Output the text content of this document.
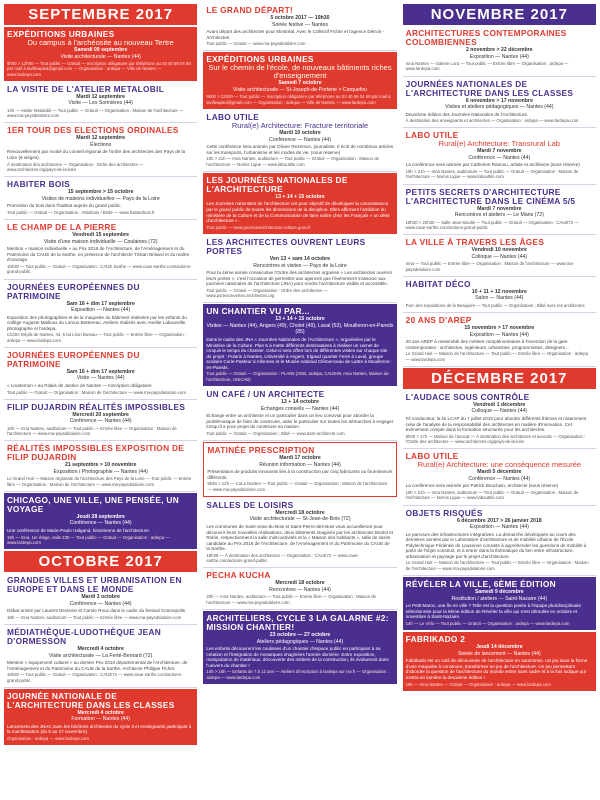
SEPTEMBRE 2017
EXPÉDITIONS URBAINES
Du campus à l'archéosite au nouveau Tertre
Samedi 09 septembre
Visite architecturale — Nantes (44)
9h00 > 12h00 — Tout public — Gratuit — Inscription obligatoire par téléphone au 02 40 59 04 59 par mail à lavilleapied@gmail.com — Organisation : ardepa — Ville de Nantes — www.lardepa.com
LA VISITE DE L'ATELIER METALOBIL
Mardi 12 septembre
Visite — Les Sorinières (44)
14h — Atelier Metalobil — Tout public — Gratuit — Organisation : Maison de l'architecture — www.ma-paysdelaloire.com
1ER TOUR DES ELECTIONS ORDINALES
Mardi 12 septembre
Élections
Renouvellement par moitié du conseil régional de l'ordre des architectes des Pays de la Loire (9 sièges).
À destination des architectes — Organisation : Ordre des architectes — www.architectes.org/pays-de-la-loire
HABITER BOIS
15 septembre > 15 octobre
Visites de maisons individuelles — Pays de la Loire
Promotion du bois dans l'habitat auprès du grand public.
Tout public — Gratuit — Organisation : Atlanbois / Bédé — www.habiterbois.fr
LE CHAMP DE LA PIERRE
Vendredi 15 septembre
Visite d'une maison individuelle — Coulaines (72)
Mention « maison individuelle » au Prix 2016 de l'Architecture, de l'Aménagement et du Patrimoine du CAUE de la Sarthe, en présence de l'architecte Tristan Brisard et du maître d'ouvrage.
18h30 — Tout public — Gratuit — Organisation : CAUE Sarthe — www.caue-sarthe.com/actions-grand-public
JOURNÉES EUROPÉENNES DU PATRIMOINE
Sam 16 + dim 17 septembre
Exposition — Nantes (44)
Exposition des photographies et de la maquette du bâtiment réalisées par les enfants du collège Auguste Mailloux du Loroux-Bottereau. Ateliers réalisés avec Amélie Laboureille, photographe et l'ardepa.
Cloître Dépôt de Nantes, 44, 5 bd Léon Bureau — Tout public — Entrée libre — Organisation : ardepa — www.lardepa.com
JOURNÉES EUROPÉENNES DU PATRIMOINE
Sam 16 + dim 17 septembre
Visite — Nantes (44)
« Loutremon » au Palais de Justice de Nantes — Inscription obligatoire
Tout public — Gratuit — Organisation : Maison de l'architecture — www.ma-paysdelaloire.com
FILIP DUJARDIN RÉALITÉS IMPOSSIBLES
Mercredi 20 septembre
Conférence — Nantes (44)
18h — mna Nantes, auditorium — Tout public — Entrée libre — Organisation : Maison de l'architecture — www.ma-paysdelaloire.com
RÉALITÉS IMPOSSIBLES EXPOSITION DE FILIP DUJARDIN
21 septembre > 10 novembre
Exposition / Photographie — Nantes (44)
Le Grand Huit — Maison régionale de l'architecture des Pays de la Loire — Tout public — Entrée libre — Organisation : Maison de l'architecture — www.ma-paysdelaloire.com
CHICAGO, UNE VILLE, UNE PENSÉE, UN VOYAGE
Jeudi 28 septembre
Conférence — Nantes (44)
Une conférence de Marie-Paule Halgand, historienne de l'architecture.
19h — mna, 1er étage, salle 230 — Tout public — Gratuit — Organisation : ardepa — www.lardepa.com
OCTOBRE 2017
GRANDES VILLES ET URBANISATION EN EUROPE ET DANS LE MONDE
Mardi 3 octobre
Conférence — Nantes (44)
Débat animé par Laurent Devisme et Carole Roux dans le cadre du festival Cosmopolis.
18h — mna Nantes, auditorium — Tout public — Entrée libre — www.ma-paysdelaloire.com
MÉDIATHÈQUE-LUDOTHÈQUE JEAN D'ORMESSON
Mercredi 4 octobre
Visite architecturale — La Ferté-Bernard (72)
Mention « équipement culturel » au dernier Prix 2016 départemental de l'Architecture, de l'Aménagement et du Patrimoine du CAUE de la Sarthe. Architecte Philippe Fichet.
18h30 — Tout public — Gratuit — Organisation : CAUE72 — www.caue-sarthe.com/actions-grand-public
JOURNÉE NATIONALE DE L'ARCHITECTURE DANS LES CLASSES
Mercredi 4 octobre
Formation — Nantes (44)
Lancement des JNAC avec les binômes architectes du cycle 3 et enseignants participant à la manifestation (du 6 au 17 novembre).
Organisation : ardepa — www.lardepa.com
LE GRAND DÉPART!
5 octobre 2017 — 19h30
Soirée festive — Nantes
Avant départ des architectes pour Montréal. Avec le Collectif Fichte et l'agence Détroit - Architectes.
Tout public — Gratuit — www.ma-paysdelaloire.com
EXPÉDITIONS URBAINES
Sur le chemin de l'école, de nouveaux bâtiments riches d'enseignement
Samedi 7 octobre
Visite architecturale — St-Joseph-de-Porterie > Carquefou
9h00 > 12h00 — Tout public — Inscription obligatoire par téléphone au 02 40 59 04 59 par mail à lavilleapied@gmail.com — Organisation : ardepa — Ville de Nantes — www.lardepa.com
LABO UTILE
Rural(e) Architecture: Fracture territoriale
Mardi 10 octobre
Conférence — Nantes (44)
Cette conférence sera animée par Olivier Rezemon, journaliste. Il écrit de nombreux articles sur les transports, l'urbanisme et les modes de vie. (sous réserve)
19h > 21h — mna Nantes, auditorium — Tout public — Gratuit — Organisation : Maison de l'architecture — Nomis Ligue — www.labouttile.com
LES JOURNÉES NATIONALES DE L'ARCHITECTURE
13 + 14 + 15 octobre
Les Journées nationales de l'architecture ont pour objectif de développer la connaissance par le grand public de toutes les dimensions de la discipline. Elles affirment l'ambition du ministère de la Culture et de la Communication de faire naître chez les Français « un désir d'architecture ».
Tout public — www.journeesarchitecture.culture.gouv.fr
LES ARCHITECTES OUVRENT LEURS PORTES
Ven 13 + sam 14 octobre
Rencontres et visites — Pays de la Loire
Pour la 4ème année consécutive l'Ordre des architectes organise « Les architectes ouvrent leurs portes », c'est l'occasion de permettre aux agences que l'événement s'associe aux journées nationales de l'architecture (JNA) pour rendre l'architecture visible et accessible.
Tout public — Gratuit — Organisation : Ordre des architectes — www.portesouvertes.architectes.org
UN CHANTIER VU PAR...
13 + 14 + 15 octobre
Visites — Nantes (44), Angers (49), Cholet (49), Laval (53), Mouilleron-en-Pareds (85)
Dans le cadre des JNA « Journées Nationales de l'Architecture », organisées par le Ministère de la Culture. Plan 5 à mette différents destinataires à réaliser un carnet de croquis le temps du chantier. Celui-ci sera offert lors de différentes visites sur chaque site de projet : Polaris à Nantes, Université à Angers, Elgaud quartier Ferré à Laval, groupe scolaire Curie-Pasteur à Allonnes et le Musée national Clémenceau de Lattre à Mouilleron-en-Pareds.
Tout public — Gratuit — Organisation : PLAN5 (ADB, ardepa, CAUE49, mna Nantes, Maison de l'architecture, UNICAB)
UN CAFÉ / UN ARCHITECTE
13 + 14 octobre
Échanges conseils — Nantes (44)
Échange entre un architecte et un particulier dans un lieu convivial pour aborder la problématique de faire de construire, aider le particulier sur toutes les démarches à engager lorsqu'il a pour projet de construire sa maison.
Tout public — Gratuit — Organisation : Bâté — www.batir-architecte.com
MATINÉE PRESCRIPTION
Mardi 17 octobre
Réunion information — Nantes (44)
Présentation de produits innovants liés à la construction par cinq fabricants ou fournisseurs différents.
9h30 > 12h — CoLa Nantes — Tout public — Gratuit — Organisation : Maison de l'architecture — www.ma-paysdelaloire.com
SALLES DE LOISIRS
Mercredi 18 octobre
Visite architecturale — St-Jean-de-Bois (72)
Les communes de Saint-Jean-du-Bois et Saint-Pierre-des-Bois vous accueilleront pour découvrir leurs nouvelles réalisations, deux bâtiments imaginés par les architectes Boidot et Robin, respectivement la salle multi-activités et la « Maison des habitants », salle de loisirs candidate au Prix 2016 de l'Architecture, de l'Aménagement et du Patrimoine du CAUE de la Sarthe.
18h30 — À destination des architectes — Organisation : CAUE72 — www.caue-sarthe.com/actions-grand-public
PECHA KUCHA
Mercredi 18 octobre
Rencontres — Nantes (44)
20h — mna Nantes, auditorium — Tout public — Entrée libre — Organisation : Maison de l'architecture — www.ma-paysdelaloire.com
ARCHITELIERS, CYCLE 3 LA GALARNE #2: MISSION CHANTIER!
23 octobre — 27 octobre
Ateliers pédagogiques — Nantes (44)
Les enfants découvrent les coulisses d'un chantier d'espace public en participant à sa création et l'intégration de mosaïques imaginées l'année dernière. Entre exposition, manipulation de matériaux, découverte des métiers de la construction, ils évolueront dans l'univers du chantier !
14h > 16h — Enfants de 7 à 12 ans — Ateliers d'inscription à lardepa sur rsv.fr — Organisation : ardepa — www.lardepa.com
NOVEMBRE 2017
ARCHITECTURES CONTEMPORAINES COLOMBIENNES
2 novembre > 22 décembre
Exposition — Nantes (44)
mna Nantes — Galerie Lora — Tout public — Entrée libre — Organisation : ardepa — www.lardepa.com
JOURNÉES NATIONALES DE L'ARCHITECTURE DANS LES CLASSES
6 novembre > 17 novembre
Visites et ateliers pédagogiques — Nantes (44)
Deuxième édition des Journées Nationales de l'Architecture.
À destination des enseignants et architectes — Organisation : ardepa — www.lardepa.com
LABO UTILE
Rural(e) Architecture: Transrural Lab
Mardi 7 novembre
Conférence — Nantes (44)
La conférence sera animée par Catherine Rannou, artiste et architecte (sous réserve)
19h > 21h — mna Nantes, auditorium — Tout public — Gratuit — Organisation : Maison de l'architecture — Nomis Ligue — www.labouttile.com
PETITS SECRETS D'ARCHITECTURE L'ARCHITECTURE DANS LE CINÉMA 5/5
Mardi 7 novembre
Rencontres et ateliers — Le Mans (72)
18h30 > 20h30 — Salle Jean Moulin — Tout public — Gratuit — Organisation : CAUE72 — www.caue-sarthe.com/actions-grand-public
LA VILLE À TRAVERS LES ÂGES
Vendredi 10 novembre
Colloque — Nantes (44)
mna — Tout public — Entrée libre — Organisation : Maison de l'architecture — www.ma-paysdelaloire.com
HABITAT DÉCO
10 + 11 + 12 novembre
Salon — Nantes (44)
Parc des expositions de la Beaujoire — Tout public — Organisation : Bâté avec les architectes
20 ANS D'AREP
15 novembre > 17 novembre
Exposition — Nantes (44)
20 ans AREP à rassemblé des métiers complémentaires à l'invention de la gare contemporaine : architectes, ingénieurs, urbanistes, programmistes, designers...
Le Grand Huit — Maison de l'architecture — Tout public — Entrée libre — Organisation : ardepa — www.lardepa.com
DÉCEMBRE 2017
L'AUDACE SOUS CONTRÔLE
Vendredi 1 décembre
Colloque — Nantes (44)
Fil conducteur, la loi LCAP du 7 juillet 2016 pour aborder différents thèmes et notamment celui de l'analyse de la responsabilité des architectes en matière d'innovation. Cet événement compte dans la formation structurée pour les architectes.
9h00 > 17h — Maison de l'avocat — À destination des architectes et avocats — Organisation : l'Ordre des architectes — www.architectes.org/pays-de-la-loire
LABO UTILE
Rural(e) Architecture: une conséquence mesurée
Mardi 5 décembre
Conférence — Nantes (44)
La conférence sera animée par Patrick Bouchain, architecte (sous réserve)
19h > 21h — mna Nantes, auditorium — Tout public — Gratuit — Organisation : Maison de l'architecture — Nomis Ligue — www.labouttile.com
OBJETS RISQUÉS
6 décembre 2017 > 26 janvier 2018
Exposition — Nantes (44)
Le parcours des infrastructures intégratives. La démarche développée au cours des dernières années par le Laboratoire d'architecture et de mobilité urbaine de l'École Polytechnique Fédérale de Lausanne consiste à appréhender les questions de mobilité à partir de l'objet construit, et à entrer dans la thématique du lien entre infrastructure, urbanisation et paysage par le projet d'architecture.
Le Grand Huit — Maison de l'architecture — Tout public — Entrée libre — Organisation : Maison de l'architecture — www.ma-paysdelaloire.com
RÉVÉLER LA VILLE, 6ÈME ÉDITION
Samedi 9 décembre
Restitution / ateliers — Saint-Nazaire (44)
Le Petit Maroc, une île en ville ? Telle est la question posée à l'équipe pluridisciplinaire sélectionnée pour la 6ème édition de Révéler la ville qui s'est déroulée en octobre et novembre à Saint-Nazaire.
14h — Le Vélo — Tout public — Gratuit — Organisation : ardepa — www.lardepa.com
FABRIKADO 2
Jeudi 14 décembre
Soirée de lancement — Nantes (44)
Fabrikado est un outil de découverte de l'architecture en autonomie. Un jeu sous la forme d'une maquette à construire, transformer en jeu de l'architecture. Un jeu permettant d'aborder la question de l'architecture du monde entier sans cadre et à la fois ludique qui mettra en lumière la deuxième édition !
19h — mna Nantes — Gratuit — Organisation : ardepa — www.lardepa.com
